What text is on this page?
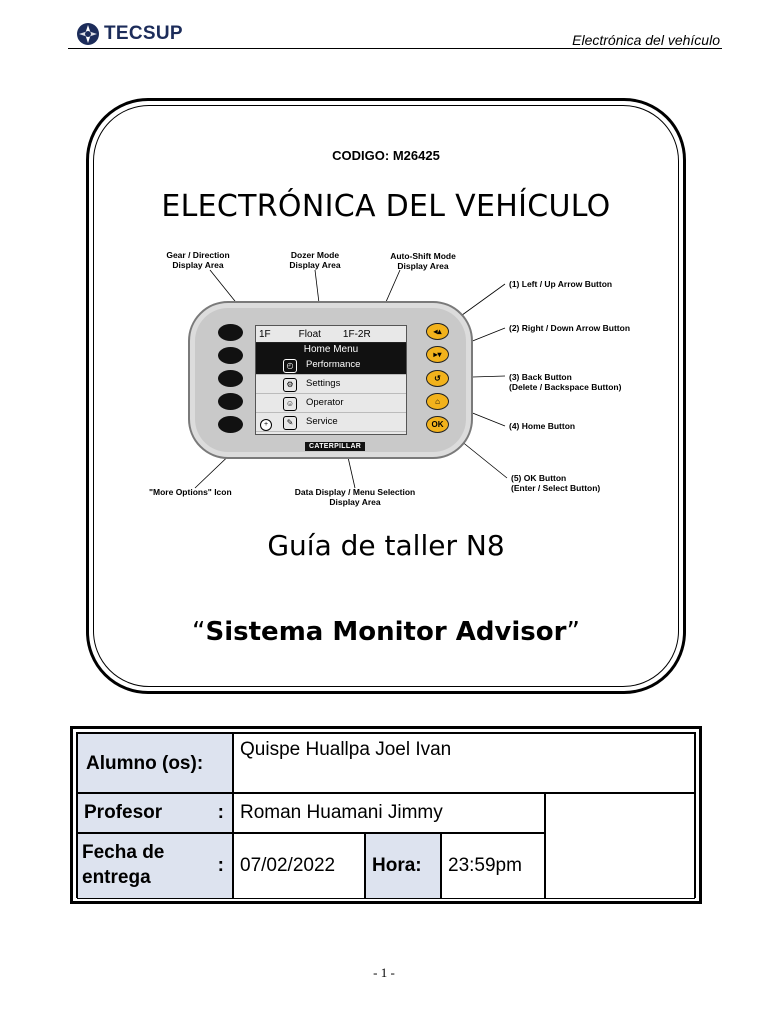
TECSUP	Electrónica del vehículo
CODIGO: M26425
ELECTRÓNICA DEL VEHÍCULO
Guía de taller N8
“Sistema Monitor Advisor”
Gear / Direction
Display Area
Dozer Mode
Display Area
Auto-Shift Mode
Display Area
(1) Left / Up Arrow Button
(2) Right / Down Arrow Button
(3) Back Button
(Delete / Backspace Button)
(4) Home Button
(5) OK Button
(Enter / Select Button)
"More Options" Icon	Data Display / Menu Selection
Display Area
1F	Float	1F-2R
Home Menu
◴	Performance
⚙	Settings
☺	Operator
✎	Service
+
CATERPILLAR
◂▴
▸▾
↺
⌂
OK
Alumno (os):
Quispe Huallpa Joel Ivan
Profesor	: Roman Huamani Jimmy
Fecha de
entrega
: 07/02/2022 Hora: 23:59pm
- 1 -
